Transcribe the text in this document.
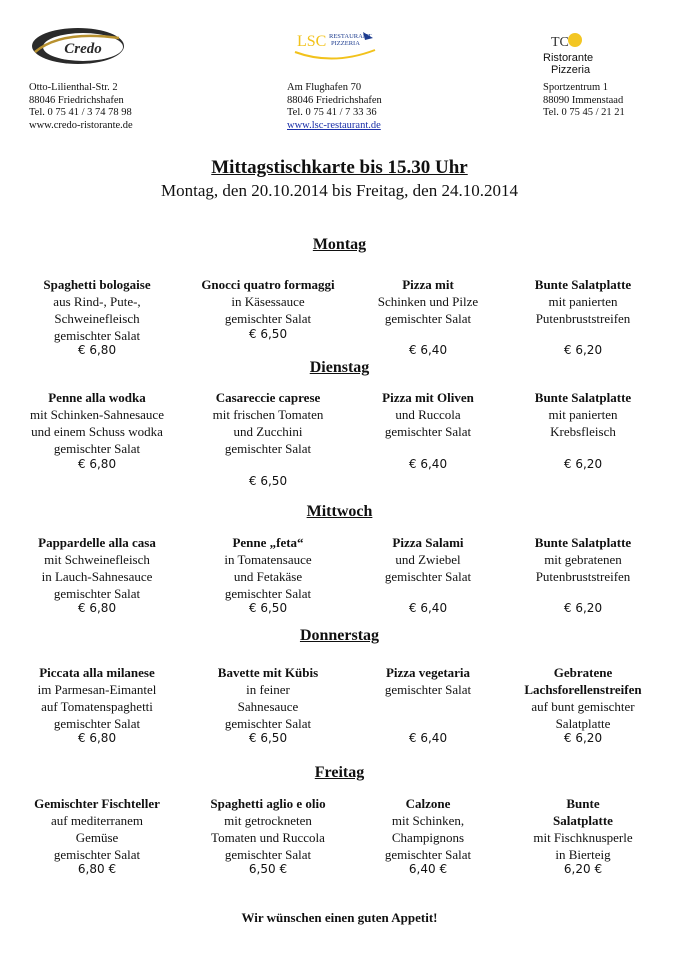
Credo
Otto-Lilienthal-Str. 2
88046 Friedrichshafen
Tel. 0 75 41 / 3 74 78 98
www.credo-ristorante.de
LSC RESTAURANT
PIZZERIA
Am Flughafen 70
88046 Friedrichshafen
Tel. 0 75 41 / 7 33 36
www.lsc-restaurant.de
TC
Ristorante
Pizzeria
Sportzentrum 1
88090 Immenstaad
Tel. 0 75 45 / 21 21
Mittagstischkarte bis 15.30 Uhr
Montag, den 20.10.2014 bis Freitag, den 24.10.2014
Montag
Spaghetti bologaise
aus Rind-, Pute-,
Schweinefleisch
gemischter Salat
€ 6,80
Gnocci quatro formaggi
in Käsessauce
gemischter Salat
€ 6,50
Pizza mit
Schinken und Pilze
gemischter Salat
€ 6,40
Bunte Salatplatte
mit panierten
Putenbruststreifen
€ 6,20
Dienstag
Penne alla wodka
mit Schinken-Sahnesauce
und einem Schuss wodka
gemischter Salat
€ 6,80
Casareccie caprese
mit frischen Tomaten
und Zucchini
gemischter Salat
€ 6,50
Pizza mit Oliven
und Ruccola
gemischter Salat
€ 6,40
Bunte Salatplatte
mit panierten
Krebsfleisch
€ 6,20
Mittwoch
Pappardelle alla casa
mit Schweinefleisch
in Lauch-Sahnesauce
gemischter Salat
€ 6,80
Penne „feta“
in Tomatensauce
und Fetakäse
gemischter Salat
€ 6,50
Pizza Salami
und Zwiebel
gemischter Salat
€ 6,40
Bunte Salatplatte
mit gebratenen
Putenbruststreifen
€ 6,20
Donnerstag
Piccata alla milanese
im Parmesan-Eimantel
auf Tomatenspaghetti
gemischter Salat
€ 6,80
Bavette mit Kübis
in feiner
Sahnesauce
gemischter Salat
€ 6,50
Pizza vegetaria
gemischter Salat
€ 6,40
Gebratene
Lachsforellenstreifen
auf bunt gemischter
Salatplatte
€ 6,20
Freitag
Gemischter Fischteller
auf mediterranem
Gemüse
gemischter Salat
6,80 €
Spaghetti aglio e olio
mit getrockneten
Tomaten und Ruccola
gemischter Salat
6,50 €
Calzone
mit Schinken,
Champignons
gemischter Salat
6,40 €
Bunte
Salatplatte
mit Fischknusperle
in Bierteig
6,20 €
Wir wünschen einen guten Appetit!
